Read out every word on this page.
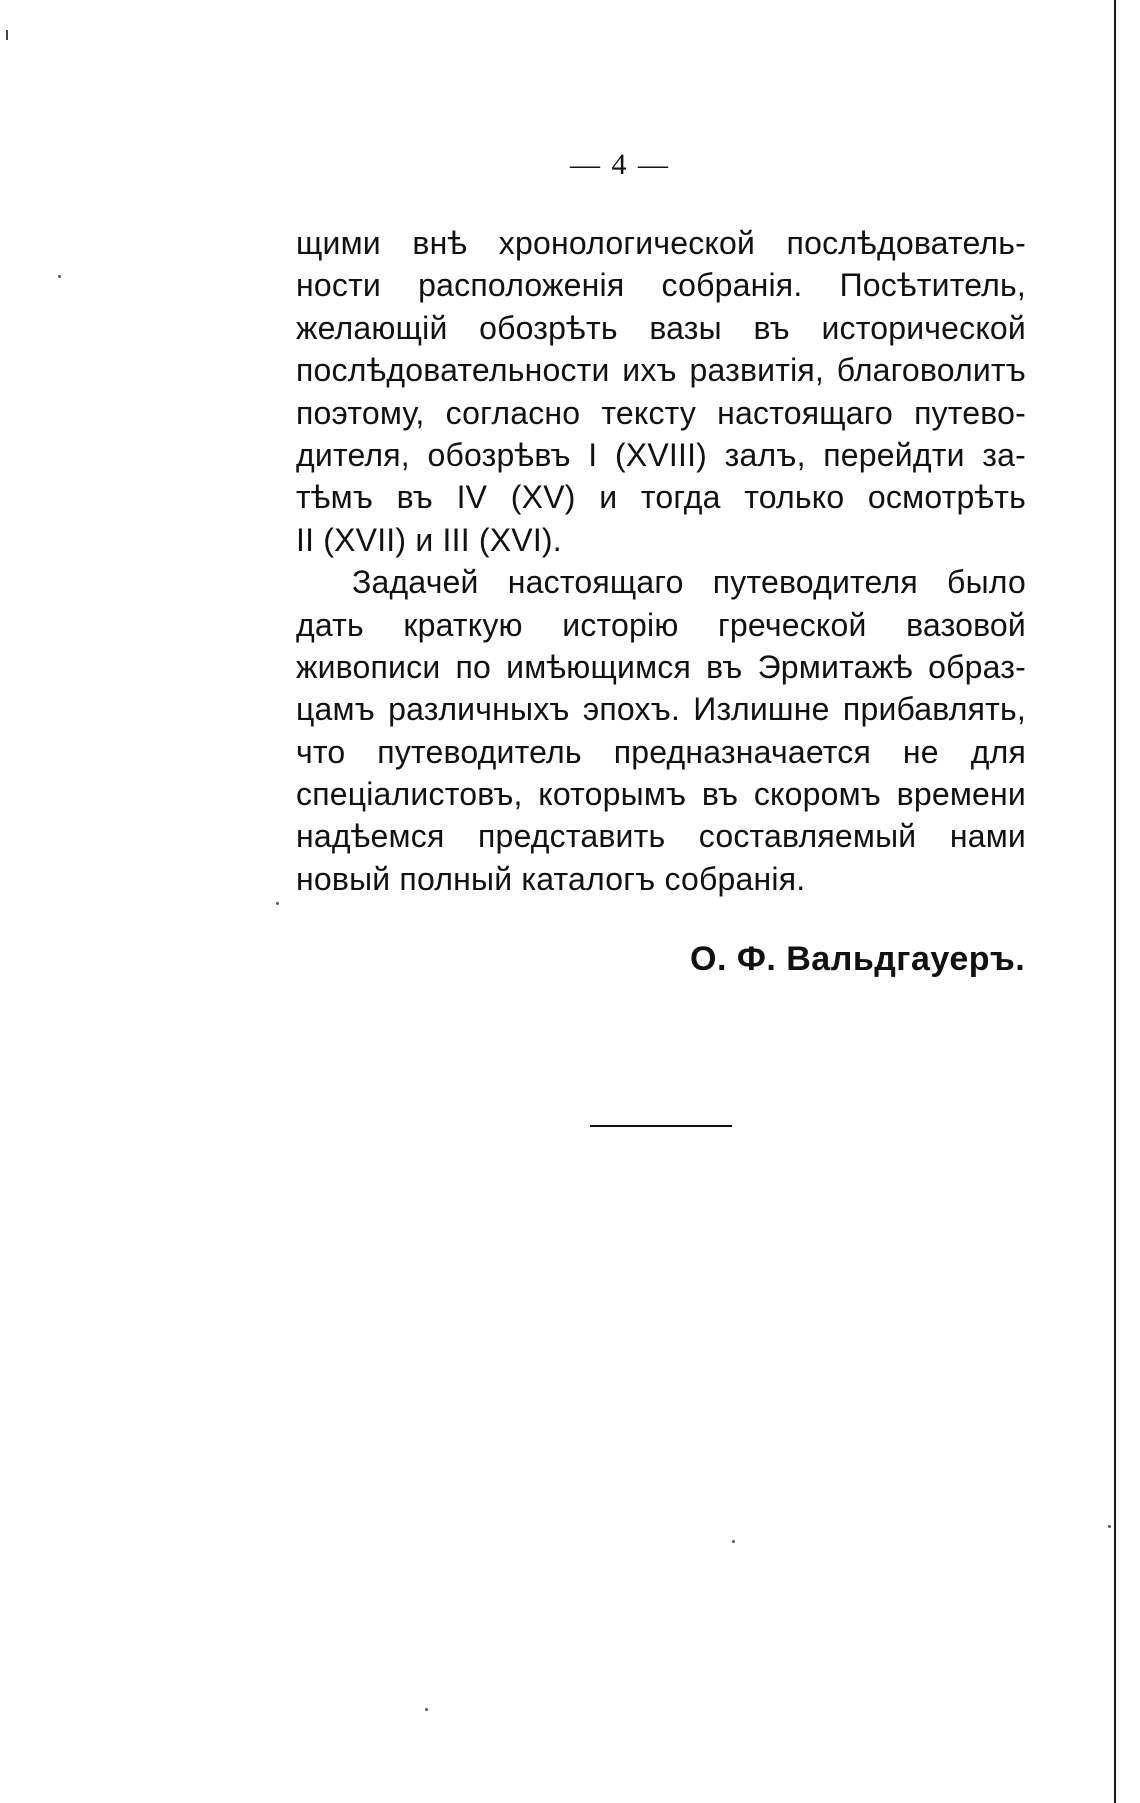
— 4 —
щими внѣ хронологической послѣдователь-
ности расположенія собранія. Посѣтитель,
желающій обозрѣть вазы въ исторической
послѣдовательности ихъ развитія, благоволитъ
поэтому, согласно тексту настоящаго путево-
дителя, обозрѣвъ I (XVIII) залъ, перейдти за-
тѣмъ въ IV (XV) и тогда только осмотрѣть
II (XVII) и III (XVI).
Задачей настоящаго путеводителя было
дать краткую исторію греческой вазовой
живописи по имѣющимся въ Эрмитажѣ образ-
цамъ различныхъ эпохъ. Излишне прибавлять,
что путеводитель предназначается не для
спеціалистовъ, которымъ въ скоромъ времени
надѣемся представить составляемый нами
новый полный каталогъ собранія.
О. Ф. Вальдгауеръ.
